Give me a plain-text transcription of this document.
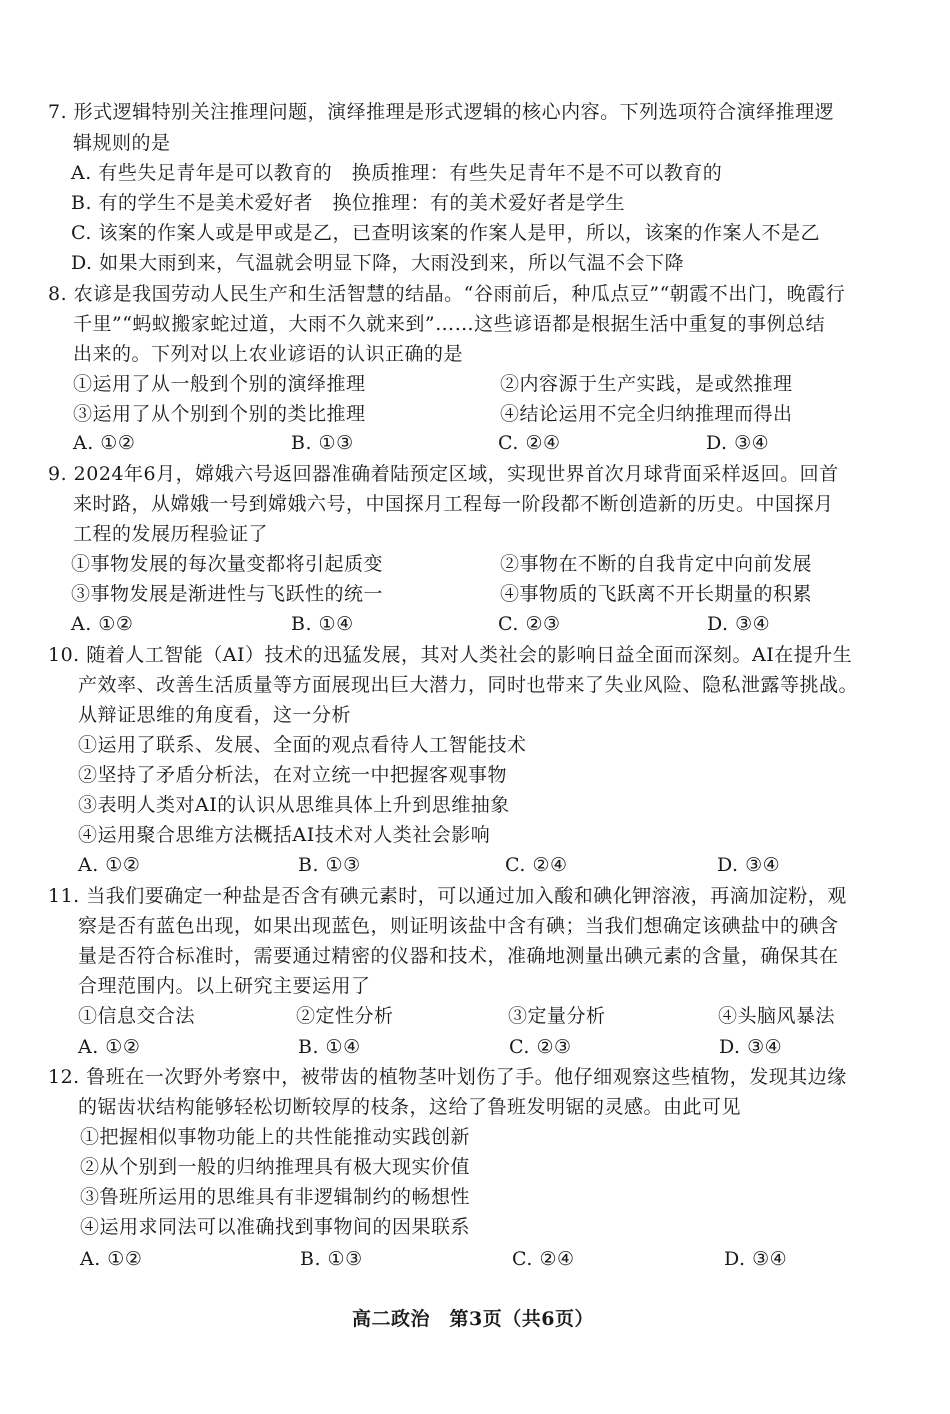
7. 形式逻辑特别关注推理问题，演绎推理是形式逻辑的核心内容。下列选项符合演绎推理逻
辑规则的是
A. 有些失足青年是可以教育的　换质推理：有些失足青年不是不可以教育的
B. 有的学生不是美术爱好者　换位推理：有的美术爱好者是学生
C. 该案的作案人或是甲或是乙，已查明该案的作案人是甲，所以，该案的作案人不是乙
D. 如果大雨到来，气温就会明显下降，大雨没到来，所以气温不会下降
8. 农谚是我国劳动人民生产和生活智慧的结晶。“谷雨前后，种瓜点豆”“朝霞不出门，晚霞行
千里”“蚂蚁搬家蛇过道，大雨不久就来到”……这些谚语都是根据生活中重复的事例总结
出来的。下列对以上农业谚语的认识正确的是
①运用了从一般到个别的演绎推理	②内容源于生产实践，是或然推理
③运用了从个别到个别的类比推理	④结论运用不完全归纳推理而得出
A. ①②	B. ①③	C. ②④	D. ③④
9. 2024年6月，嫦娥六号返回器准确着陆预定区域，实现世界首次月球背面采样返回。回首
来时路，从嫦娥一号到嫦娥六号，中国探月工程每一阶段都不断创造新的历史。中国探月
工程的发展历程验证了
①事物发展的每次量变都将引起质变	②事物在不断的自我肯定中向前发展
③事物发展是渐进性与飞跃性的统一	④事物质的飞跃离不开长期量的积累
A. ①②	B. ①④	C. ②③	D. ③④
10. 随着人工智能（AI）技术的迅猛发展，其对人类社会的影响日益全面而深刻。AI在提升生
产效率、改善生活质量等方面展现出巨大潜力，同时也带来了失业风险、隐私泄露等挑战。
从辩证思维的角度看，这一分析
①运用了联系、发展、全面的观点看待人工智能技术
②坚持了矛盾分析法，在对立统一中把握客观事物
③表明人类对AI的认识从思维具体上升到思维抽象
④运用聚合思维方法概括AI技术对人类社会影响
A. ①②	B. ①③	C. ②④	D. ③④
11. 当我们要确定一种盐是否含有碘元素时，可以通过加入酸和碘化钾溶液，再滴加淀粉，观
察是否有蓝色出现，如果出现蓝色，则证明该盐中含有碘；当我们想确定该碘盐中的碘含
量是否符合标准时，需要通过精密的仪器和技术，准确地测量出碘元素的含量，确保其在
合理范围内。以上研究主要运用了
①信息交合法	②定性分析	③定量分析	④头脑风暴法
A. ①②	B. ①④	C. ②③	D. ③④
12. 鲁班在一次野外考察中，被带齿的植物茎叶划伤了手。他仔细观察这些植物，发现其边缘
的锯齿状结构能够轻松切断较厚的枝条，这给了鲁班发明锯的灵感。由此可见
①把握相似事物功能上的共性能推动实践创新
②从个别到一般的归纳推理具有极大现实价值
③鲁班所运用的思维具有非逻辑制约的畅想性
④运用求同法可以准确找到事物间的因果联系
A. ①②	B. ①③	C. ②④	D. ③④
高二政治　第3页（共6页）
